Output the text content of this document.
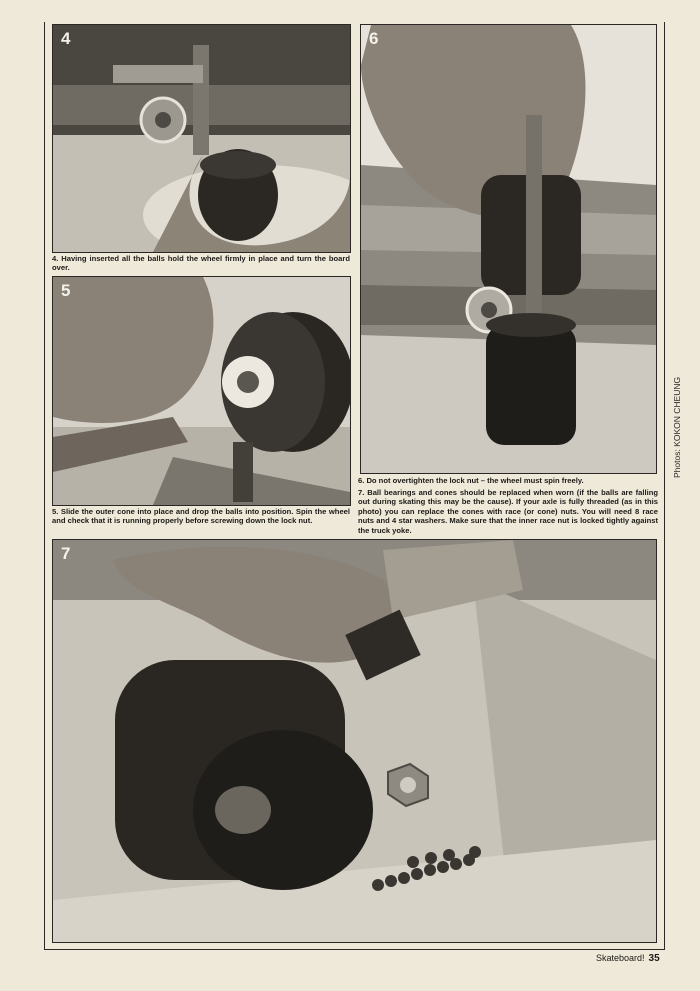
4
4. Having inserted all the balls hold the wheel firmly in place and turn the board over.
5
5. Slide the outer cone into place and drop the balls into position. Spin the wheel and check that it is running properly before screwing down the lock nut.
6
6. Do not overtighten the lock nut – the wheel must spin freely.
7. Ball bearings and cones should be replaced when worn (if the balls are falling out during skating this may be the cause). If your axle is fully threaded (as in this photo) you can replace the cones with race (or cone) nuts. You will need 8 race nuts and 4 star washers. Make sure that the inner race nut is locked tightly against the truck yoke.
7
Photos: KOKON CHEUNG
Skateboard! 35
